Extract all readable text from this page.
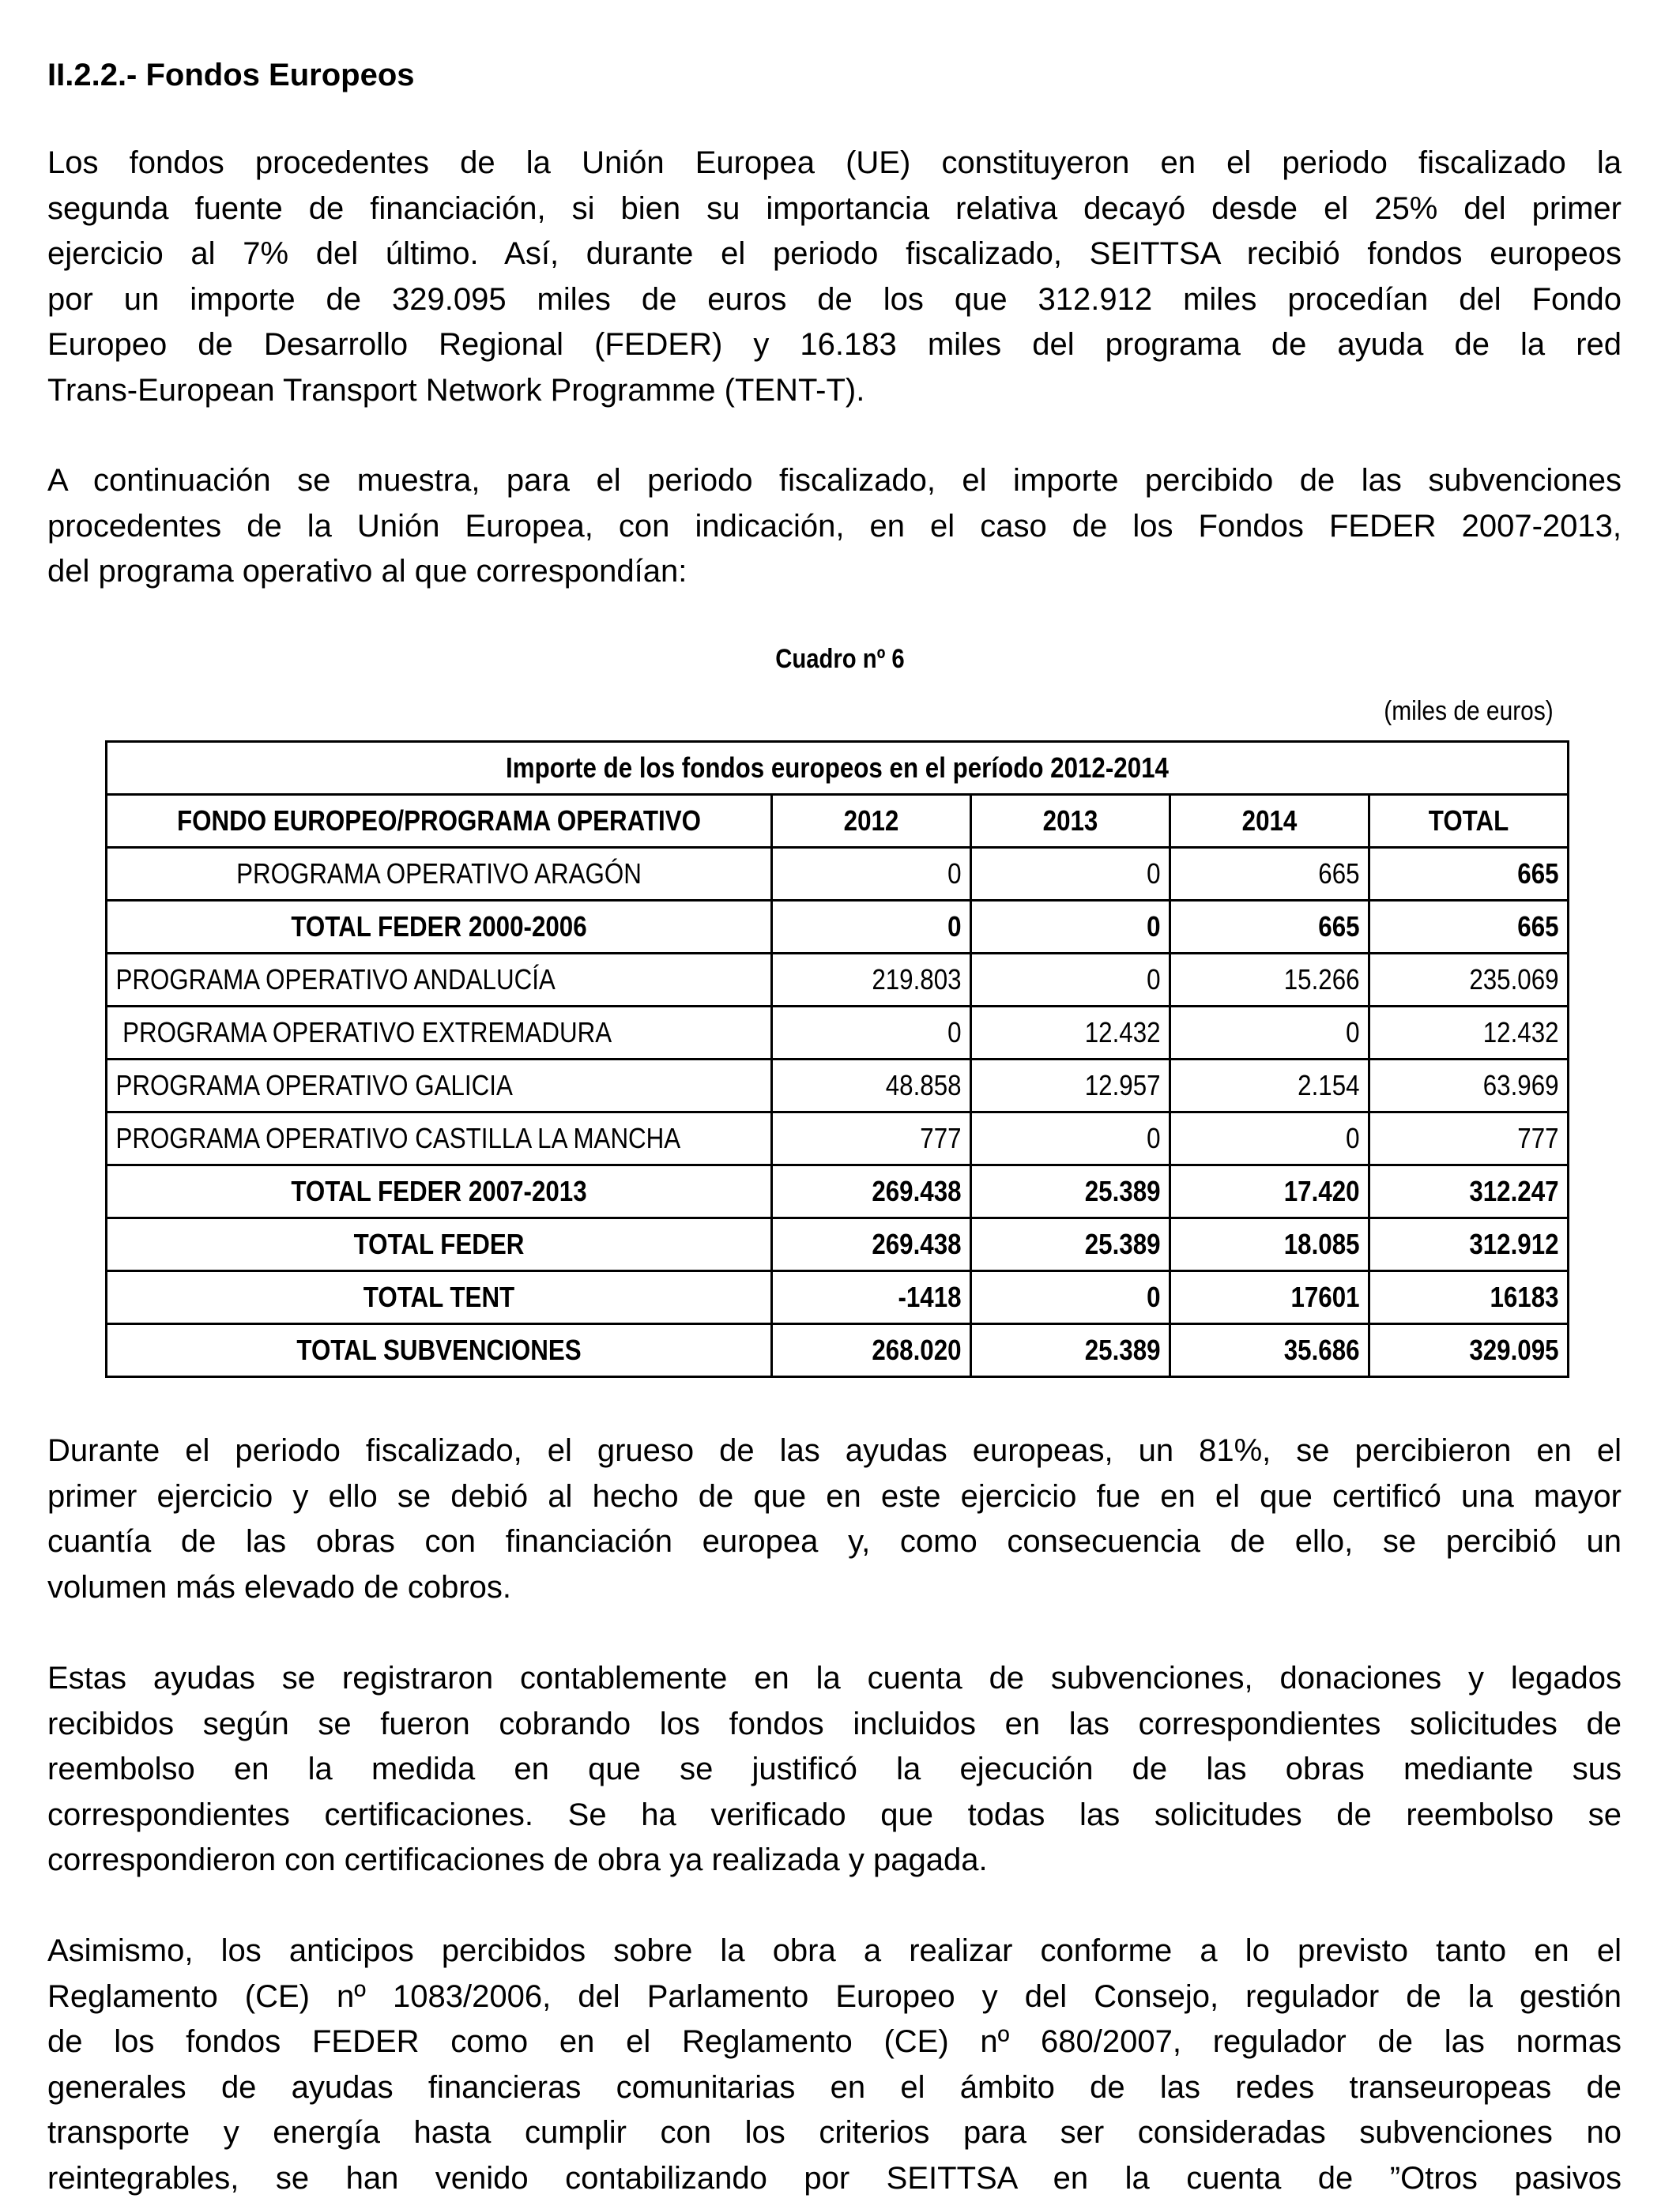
II.2.2.- Fondos Europeos

Los fondos procedentes de la Unión Europea (UE) constituyeron en el periodo fiscalizado la
segunda fuente de financiación, si bien su importancia relativa decayó desde el 25% del primer
ejercicio al 7% del último. Así, durante el periodo fiscalizado, SEITTSA recibió fondos europeos
por un importe de 329.095 miles de euros de los que 312.912 miles procedían del Fondo
Europeo de Desarrollo Regional (FEDER) y 16.183 miles del programa de ayuda de la red
Trans-European Transport Network Programme (TENT-T).

A continuación se muestra, para el periodo fiscalizado, el importe percibido de las subvenciones
procedentes de la Unión Europea, con indicación, en el caso de los Fondos FEDER 2007-2013,
del programa operativo al que correspondían:

Cuadro nº 6
(miles de euros)
Importe de los fondos europeos en el período 2012-2014				

FONDO EUROPEO/PROGRAMA OPERATIVO	2012	2013	2014	TOTAL

PROGRAMA OPERATIVO ARAGÓN	0	0	665	665

TOTAL FEDER 2000-2006	0	0	665	665

PROGRAMA OPERATIVO ANDALUCÍA	219.803	0	15.266	235.069

PROGRAMA OPERATIVO EXTREMADURA	0	12.432	0	12.432

PROGRAMA OPERATIVO GALICIA	48.858	12.957	2.154	63.969

PROGRAMA OPERATIVO CASTILLA LA MANCHA	777	0	0	777

TOTAL FEDER 2007-2013	269.438	25.389	17.420	312.247

TOTAL FEDER	269.438	25.389	18.085	312.912

TOTAL TENT	-1418	0	17601	16183

TOTAL SUBVENCIONES	268.020	25.389	35.686	329.095

Durante el periodo fiscalizado, el grueso de las ayudas europeas, un 81%, se percibieron en el
primer ejercicio y ello se debió al hecho de que en este ejercicio fue en el que certificó una mayor
cuantía de las obras con financiación europea y, como consecuencia de ello, se percibió un
volumen más elevado de cobros.

Estas ayudas se registraron contablemente en la cuenta de subvenciones, donaciones y legados
recibidos según se fueron cobrando los fondos incluidos en las correspondientes solicitudes de
reembolso en la medida en que se justificó la ejecución de las obras mediante sus
correspondientes certificaciones. Se ha verificado que todas las solicitudes de reembolso se
correspondieron con certificaciones de obra ya realizada y pagada.

Asimismo, los anticipos percibidos sobre la obra a realizar conforme a lo previsto tanto en el
Reglamento (CE) nº 1083/2006, del Parlamento Europeo y del Consejo, regulador de la gestión
de los fondos FEDER como en el Reglamento (CE) nº 680/2007, regulador de las normas
generales de ayudas financieras comunitarias en el ámbito de las redes transeuropeas de
transporte y energía hasta cumplir con los criterios para ser consideradas subvenciones no
reintegrables, se han venido contabilizando por SEITTSA en la cuenta de ”Otros pasivos
